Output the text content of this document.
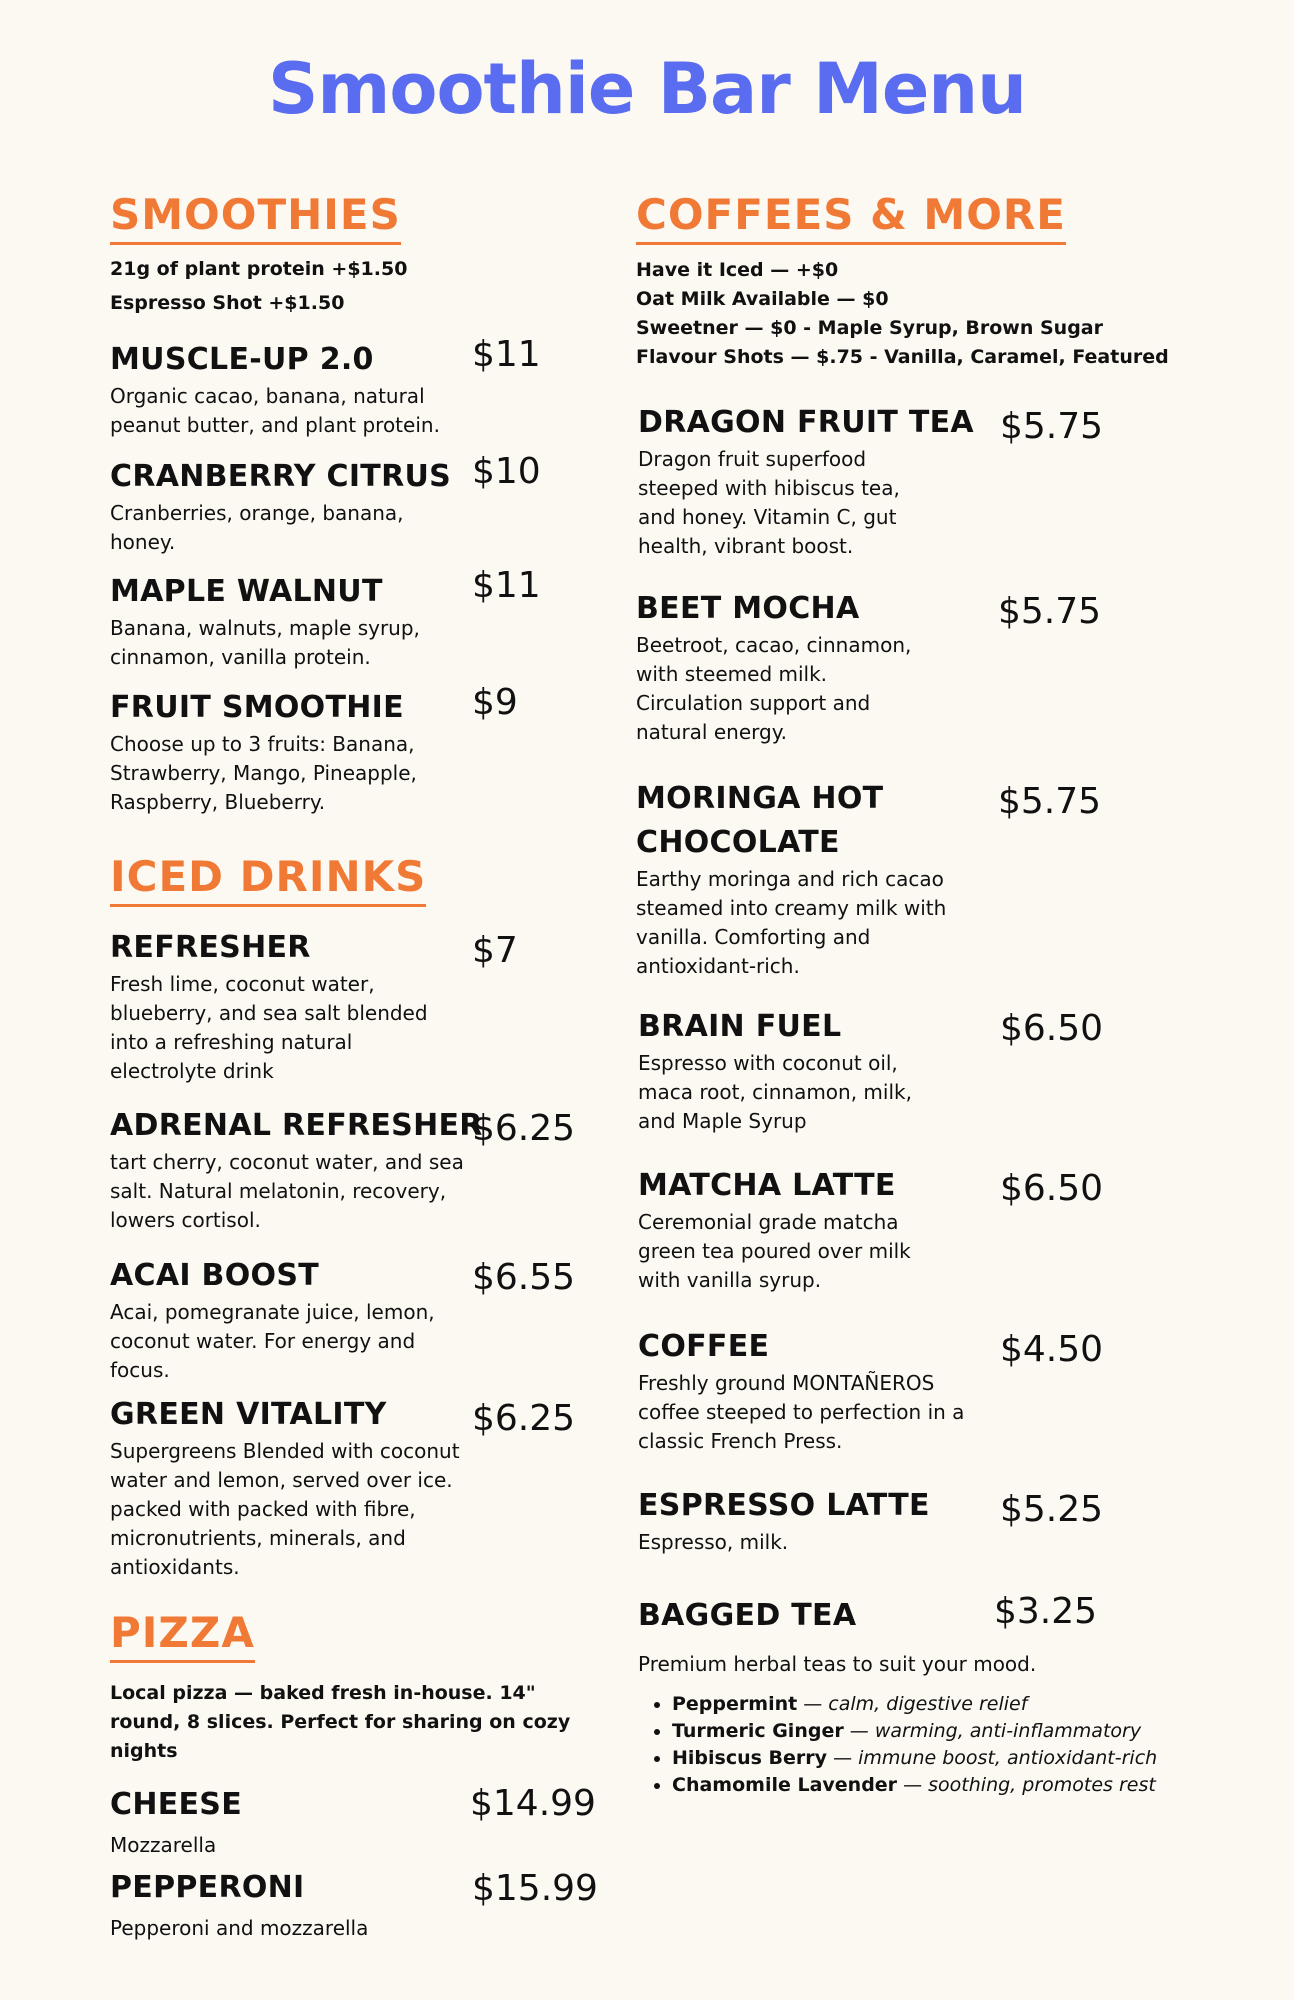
Smoothie Bar Menu
SMOOTHIES
21g of plant protein +$1.50
Espresso Shot +$1.50
MUSCLE-UP 2.0
Organic cacao, banana, natural peanut butter, and plant protein.
$11
CRANBERRY CITRUS
Cranberries, orange, banana, honey.
$10
MAPLE WALNUT
Banana, walnuts, maple syrup, cinnamon, vanilla protein.
$11
FRUIT SMOOTHIE
Choose up to 3 fruits: Banana, Strawberry, Mango, Pineapple, Raspberry, Blueberry.
$9
ICED DRINKS
REFRESHER
Fresh lime, coconut water, blueberry, and sea salt blended into a refreshing natural electrolyte drink
$7
ADRENAL REFRESHER
tart cherry, coconut water, and sea salt. Natural melatonin, recovery, lowers cortisol.
$6.25
ACAI BOOST
Acai, pomegranate juice, lemon, coconut water. For energy and focus.
$6.55
GREEN VITALITY
Supergreens Blended with coconut water and lemon, served over ice. packed with packed with fibre, micronutrients, minerals, and antioxidants.
$6.25
PIZZA
Local pizza — baked fresh in-house. 14" round, 8 slices. Perfect for sharing on cozy nights
CHEESE
Mozzarella
$14.99
PEPPERONI
Pepperoni and mozzarella
$15.99
COFFEES & MORE
Have it Iced — +$0
Oat Milk Available — $0
Sweetner — $0 - Maple Syrup, Brown Sugar
Flavour Shots — $.75 - Vanilla, Caramel, Featured
DRAGON FRUIT TEA
Dragon fruit superfood steeped with hibiscus tea, and honey. Vitamin C, gut health, vibrant boost.
$5.75
BEET MOCHA
Beetroot, cacao, cinnamon, with steemed milk. Circulation support and natural energy.
$5.75
MORINGA HOT CHOCOLATE
Earthy moringa and rich cacao steamed into creamy milk with vanilla. Comforting and antioxidant-rich.
$5.75
BRAIN FUEL
Espresso with coconut oil, maca root, cinnamon, milk, and Maple Syrup
$6.50
MATCHA LATTE
Ceremonial grade matcha green tea poured over milk with vanilla syrup.
$6.50
COFFEE
Freshly ground MONTAÑEROS coffee steeped to perfection in a classic French Press.
$4.50
ESPRESSO LATTE
Espresso, milk.
$5.25
BAGGED TEA	$3.25
Premium herbal teas to suit your mood.
• Peppermint — calm, digestive relief
• Turmeric Ginger — warming, anti-inflammatory
• Hibiscus Berry — immune boost, antioxidant-rich
• Chamomile Lavender — soothing, promotes rest
